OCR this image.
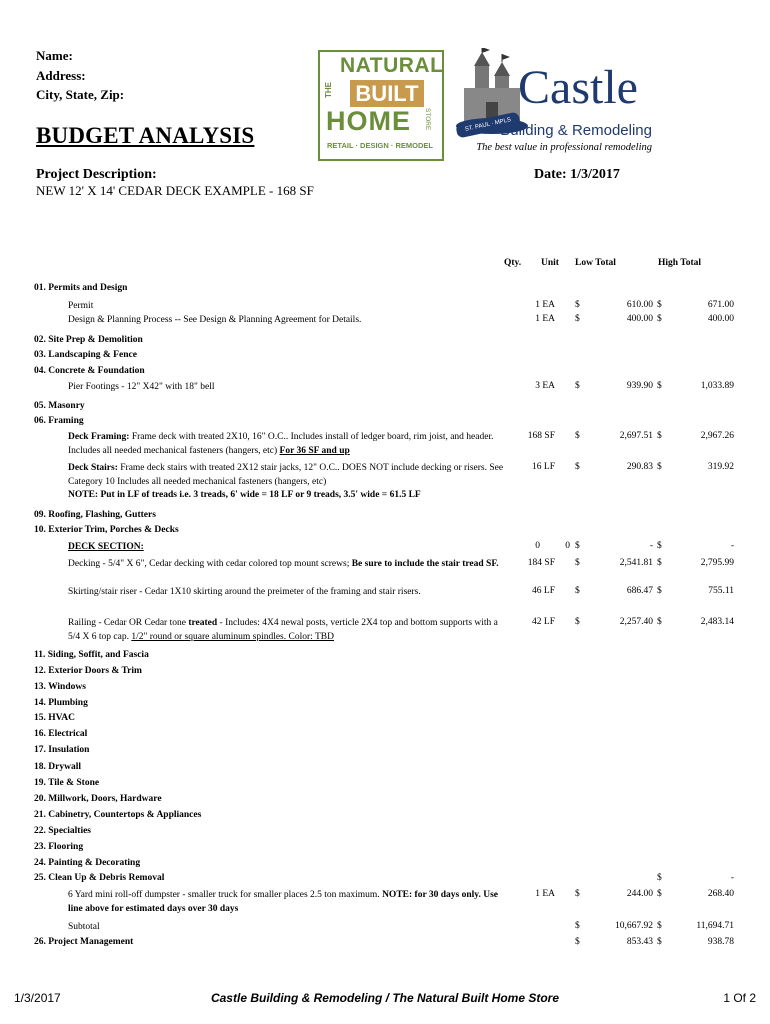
Name:
Address:
City, State, Zip:
BUDGET ANALYSIS
Project Description:	Date: 1/3/2017
NEW 12' X 14' CEDAR DECK EXAMPLE - 168 SF
THE
NATURAL
BUILT
HOME STORE
RETAIL · DESIGN · REMODEL
ST. PAUL · MPLS
Castle
Building & Remodeling
The best value in professional remodeling
Qty. Unit Low Total	High Total
01. Permits and Design
Permit	1 EA $	610.00 $	671.00
Design & Planning Process -- See Design & Planning Agreement for Details.	1 EA $	400.00 $	400.00
02. Site Prep & Demolition
03. Landscaping & Fence
04. Concrete & Foundation
Pier Footings - 12" X42" with 18" bell	3 EA $	939.90 $	1,033.89
05. Masonry
06. Framing
Deck Framing: Frame deck with treated 2X10, 16" O.C.. Includes install of ledger board, rim joist, and header. Includes all needed mechanical fasteners (hangers, etc) For 36 SF and up
168 SF $	2,697.51 $	2,967.26
Deck Stairs: Frame deck stairs with treated 2X12 stair jacks, 12" O.C.. DOES NOT include decking or risers. See Category 10 Includes all needed mechanical fasteners (hangers, etc)
NOTE: Put in LF of treads i.e. 3 treads, 6' wide = 18 LF or 9 treads, 3.5' wide = 61.5 LF
16 LF $	290.83 $	319.92
09. Roofing, Flashing, Gutters
10. Exterior Trim, Porches & Decks
DECK SECTION:	0	0 $	- $	-
Decking - 5/4" X 6", Cedar decking with cedar colored top mount screws; Be sure to include the stair tread SF.	184 SF $	2,541.81 $	2,795.99
Skirting/stair riser - Cedar 1X10 skirting around the preimeter of the framing and stair risers.	46 LF $	686.47 $	755.11
Railing - Cedar OR Cedar tone treated - Includes: 4X4 newal posts, verticle 2X4 top and bottom supports with a 5/4 X 6 top cap. 1/2" round or square aluminum spindles. Color: TBD
42 LF $	2,257.40 $	2,483.14
11. Siding, Soffit, and Fascia
12. Exterior Doors & Trim
13. Windows
14. Plumbing
15. HVAC
16. Electrical
17. Insulation
18. Drywall
19. Tile & Stone
20. Millwork, Doors, Hardware
21. Cabinetry, Countertops & Appliances
22. Specialties
23. Flooring
24. Painting & Decorating
25. Clean Up & Debris Removal	$	-
6 Yard mini roll-off dumpster - smaller truck for smaller places 2.5 ton maximum. NOTE: for 30 days only. Use line above for estimated days over 30 days
1 EA $	244.00 $	268.40
Subtotal	$	10,667.92 $	11,694.71
26. Project Management	$	853.43 $	938.78
1/3/2017	Castle Building & Remodeling / The Natural Built Home Store	1 Of 2
